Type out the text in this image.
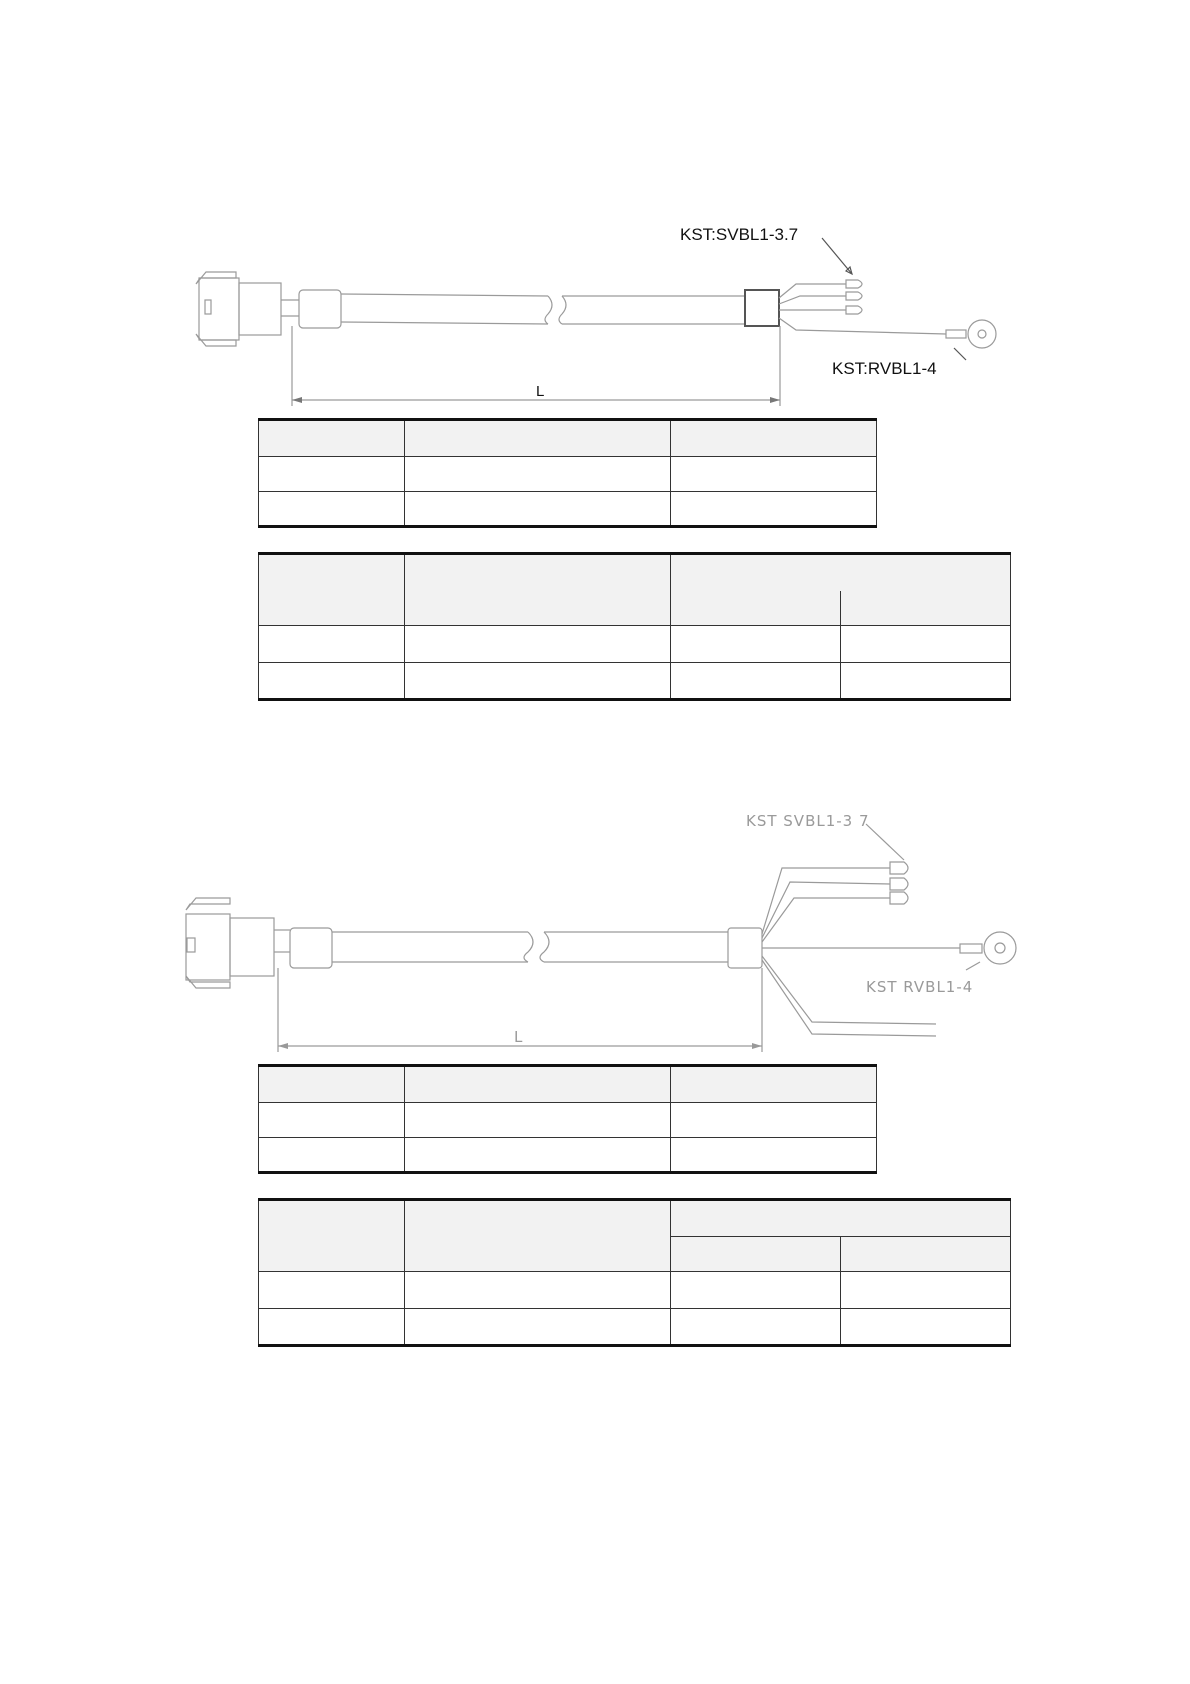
KST:SVBL1-3.7
KST:RVBL1-4
L

KST SVBL1-3 7
KST RVBL1-4
L
